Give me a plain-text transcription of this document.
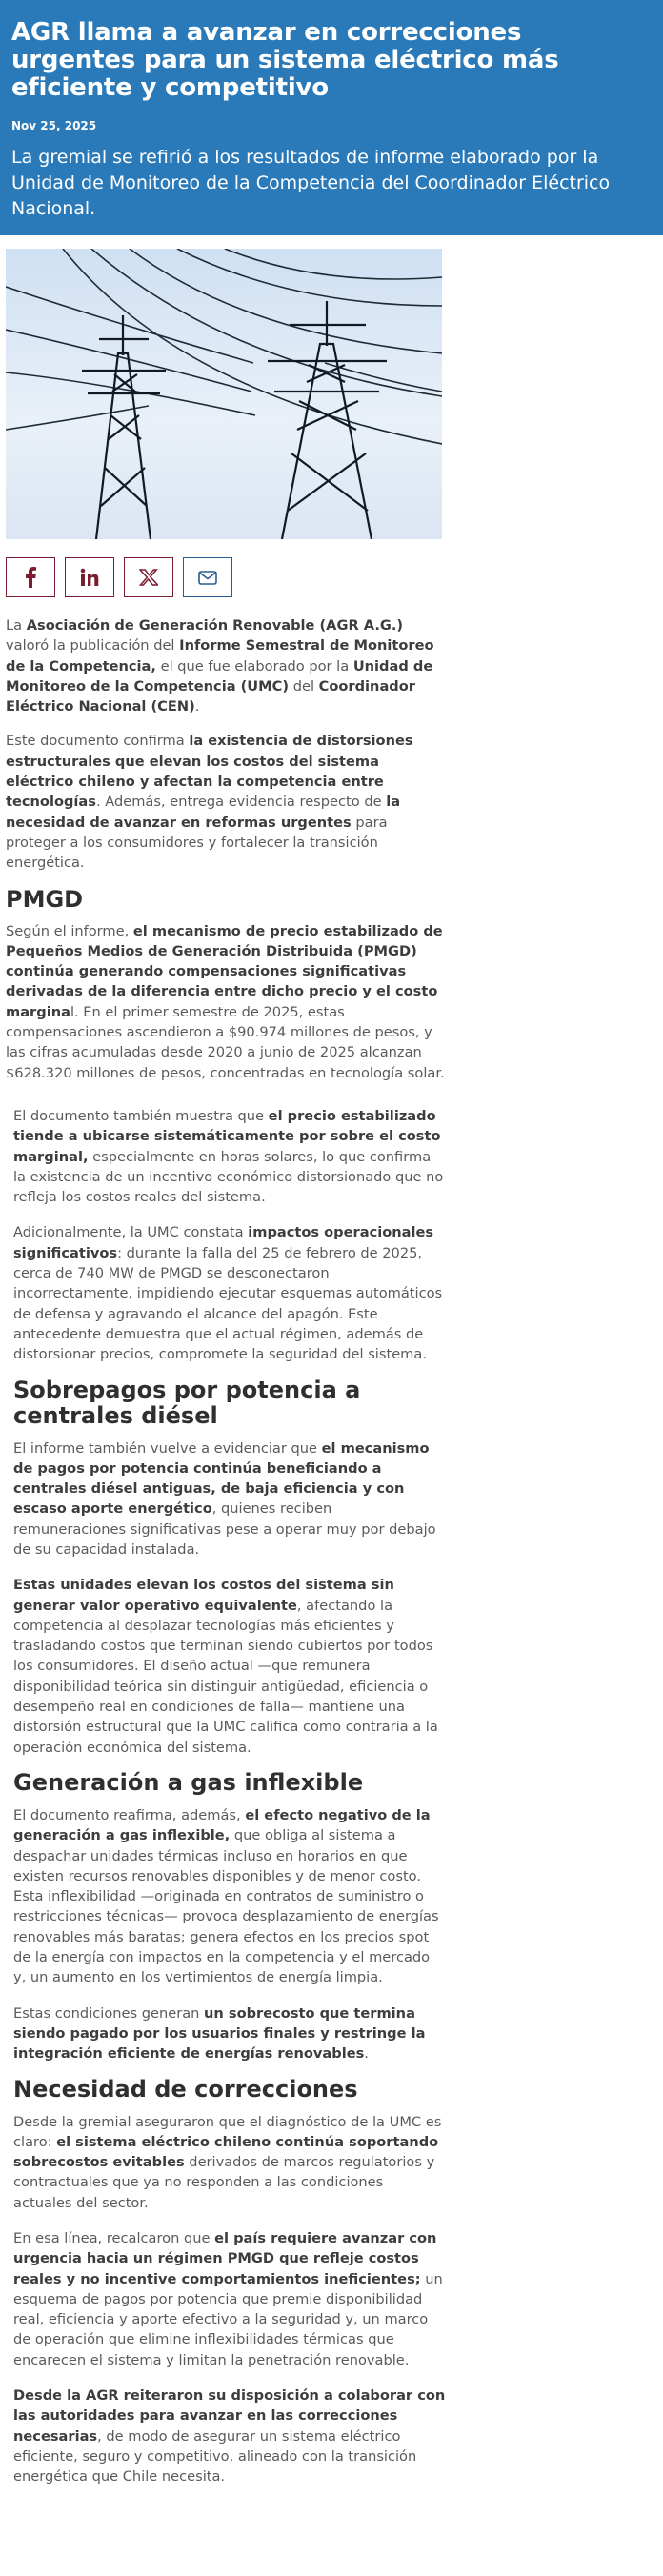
AGR llama a avanzar en correcciones urgentes para un sistema eléctrico más eficiente y competitivo
Nov 25, 2025
La gremial se refirió a los resultados de informe elaborado por la Unidad de Monitoreo de la Competencia del Coordinador Eléctrico Nacional.

La Asociación de Generación Renovable (AGR A.G.) valoró la publicación del Informe Semestral de Monitoreo de la Competencia, el que fue elaborado por la Unidad de Monitoreo de la Competencia (UMC) del Coordinador Eléctrico Nacional (CEN).

Este documento confirma la existencia de distorsiones estructurales que elevan los costos del sistema eléctrico chileno y afectan la competencia entre tecnologías. Además, entrega evidencia respecto de la necesidad de avanzar en reformas urgentes para proteger a los consumidores y fortalecer la transición energética.

PMGD

Según el informe, el mecanismo de precio estabilizado de Pequeños Medios de Generación Distribuida (PMGD) continúa generando compensaciones significativas derivadas de la diferencia entre dicho precio y el costo marginal. En el primer semestre de 2025, estas compensaciones ascendieron a $90.974 millones de pesos, y las cifras acumuladas desde 2020 a junio de 2025 alcanzan $628.320 millones de pesos, concentradas en tecnología solar.

El documento también muestra que el precio estabilizado tiende a ubicarse sistemáticamente por sobre el costo marginal, especialmente en horas solares, lo que confirma la existencia de un incentivo económico distorsionado que no refleja los costos reales del sistema.

Adicionalmente, la UMC constata impactos operacionales significativos: durante la falla del 25 de febrero de 2025, cerca de 740 MW de PMGD se desconectaron incorrectamente, impidiendo ejecutar esquemas automáticos de defensa y agravando el alcance del apagón. Este antecedente demuestra que el actual régimen, además de distorsionar precios, compromete la seguridad del sistema.

Sobrepagos por potencia a centrales diésel

El informe también vuelve a evidenciar que el mecanismo de pagos por potencia continúa beneficiando a centrales diésel antiguas, de baja eficiencia y con escaso aporte energético, quienes reciben remuneraciones significativas pese a operar muy por debajo de su capacidad instalada.

Estas unidades elevan los costos del sistema sin generar valor operativo equivalente, afectando la competencia al desplazar tecnologías más eficientes y trasladando costos que terminan siendo cubiertos por todos los consumidores. El diseño actual —que remunera disponibilidad teórica sin distinguir antigüedad, eficiencia o desempeño real en condiciones de falla— mantiene una distorsión estructural que la UMC califica como contraria a la operación económica del sistema.

Generación a gas inflexible

El documento reafirma, además, el efecto negativo de la generación a gas inflexible, que obliga al sistema a despachar unidades térmicas incluso en horarios en que existen recursos renovables disponibles y de menor costo. Esta inflexibilidad —originada en contratos de suministro o restricciones técnicas— provoca desplazamiento de energías renovables más baratas; genera efectos en los precios spot de la energía con impactos en la competencia y el mercado y, un aumento en los vertimientos de energía limpia.

Estas condiciones generan un sobrecosto que termina siendo pagado por los usuarios finales y restringe la integración eficiente de energías renovables.

Necesidad de correcciones

Desde la gremial aseguraron que el diagnóstico de la UMC es claro: el sistema eléctrico chileno continúa soportando sobrecostos evitables derivados de marcos regulatorios y contractuales que ya no responden a las condiciones actuales del sector.

En esa línea, recalcaron que el país requiere avanzar con urgencia hacia un régimen PMGD que refleje costos reales y no incentive comportamientos ineficientes; un esquema de pagos por potencia que premie disponibilidad real, eficiencia y aporte efectivo a la seguridad y, un marco de operación que elimine inflexibilidades térmicas que encarecen el sistema y limitan la penetración renovable.

Desde la AGR reiteraron su disposición a colaborar con las autoridades para avanzar en las correcciones necesarias, de modo de asegurar un sistema eléctrico eficiente, seguro y competitivo, alineado con la transición energética que Chile necesita.
